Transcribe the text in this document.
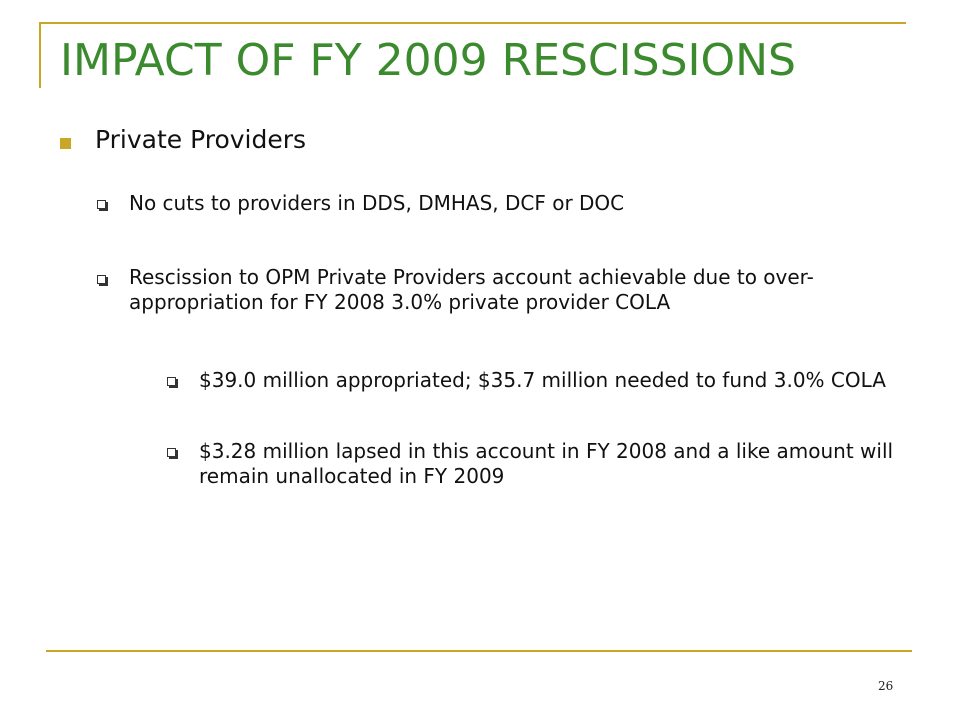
IMPACT OF FY 2009 RESCISSIONS
Private Providers
No cuts to providers in DDS, DMHAS, DCF or DOC
Rescission to OPM Private Providers account achievable due to over-appropriation for FY 2008 3.0% private provider COLA
$39.0 million appropriated; $35.7 million needed to fund 3.0% COLA
$3.28 million lapsed in this account in FY 2008 and a like amount will remain unallocated in FY 2009
26
